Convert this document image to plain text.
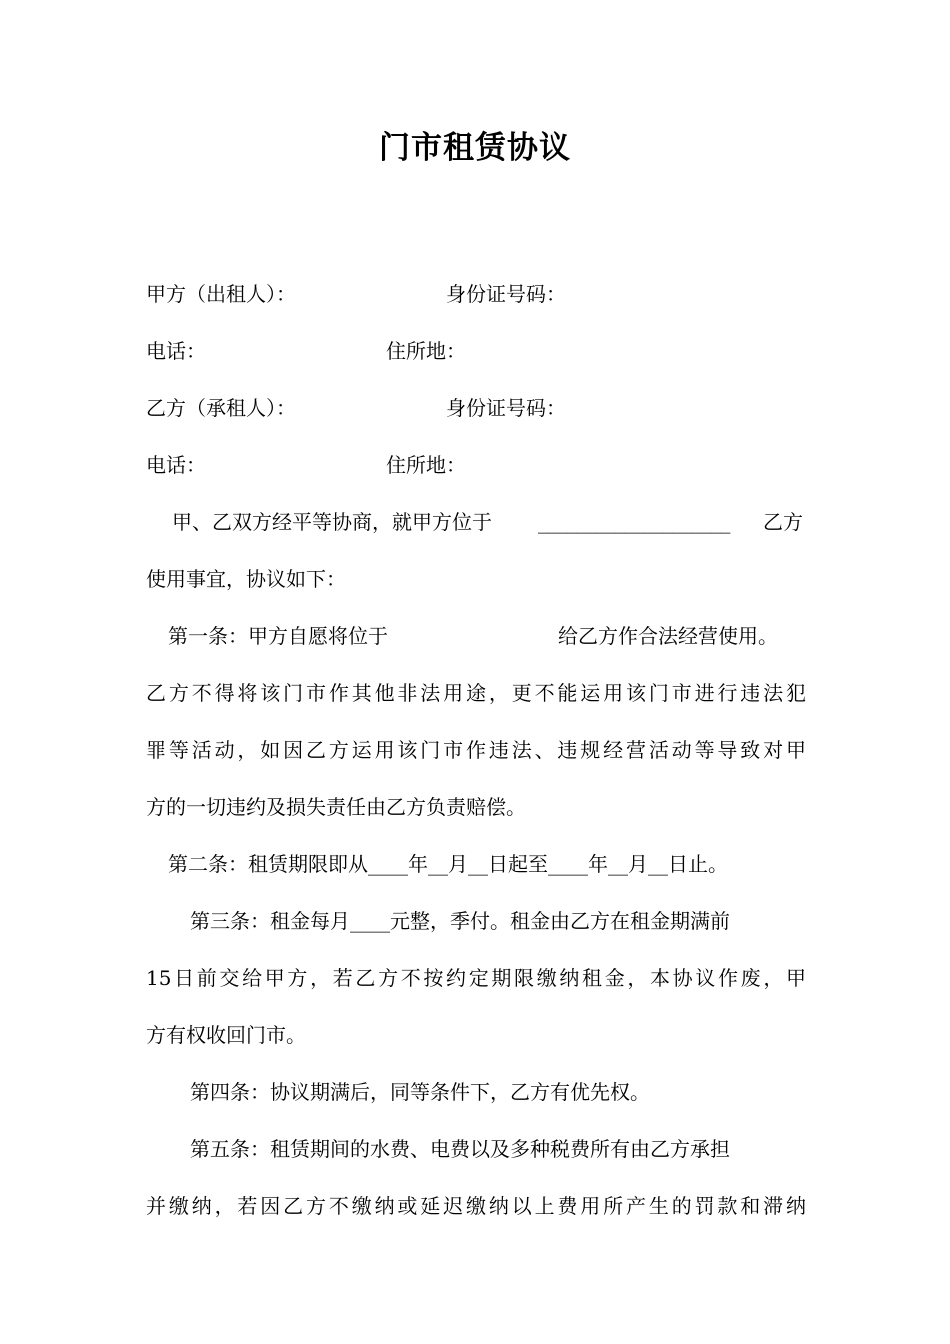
门市租赁协议
甲方（出租人）：	身份证号码：
电话：	住所地：
乙方（承租人）：	身份证号码：
电话：	住所地：
甲、乙双方经平等协商，就甲方位于 ____________________ 乙方
使用事宜，协议如下：
第一条：甲方自愿将位于	给乙方作合法经营使用。
乙方不得将该门市作其他非法用途，更不能运用该门市进行违法犯
罪等活动，如因乙方运用该门市作违法、违规经营活动等导致对甲
方的一切违约及损失责任由乙方负责赔偿。
第二条：租赁期限即从____年__月__日起至____年__月__日止。
第三条：租金每月____元整，季付。租金由乙方在租金期满前
15日前交给甲方，若乙方不按约定期限缴纳租金，本协议作废，甲
方有权收回门市。
第四条：协议期满后，同等条件下，乙方有优先权。
第五条：租赁期间的水费、电费以及多种税费所有由乙方承担
并缴纳，若因乙方不缴纳或延迟缴纳以上费用所产生的罚款和滞纳
